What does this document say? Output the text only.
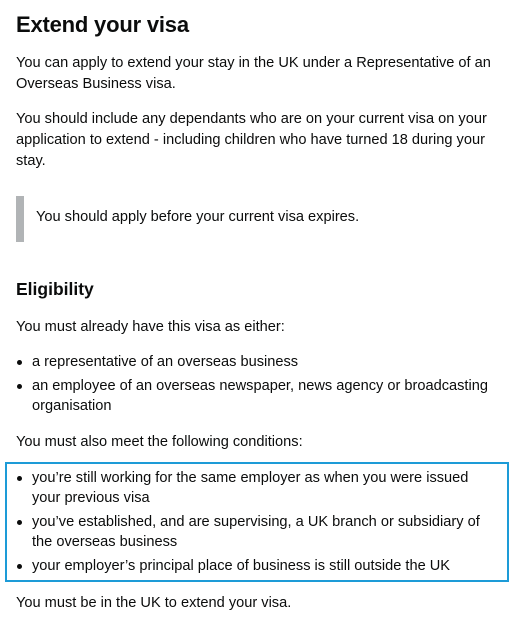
Extend your visa

You can apply to extend your stay in the UK under a Representative of an Overseas Business visa.

You should include any dependants who are on your current visa on your application to extend - including children who have turned 18 during your stay.

You should apply before your current visa expires.

Eligibility

You must already have this visa as either:

a representative of an overseas business
an employee of an overseas newspaper, news agency or broadcasting organisation

You must also meet the following conditions:

you’re still working for the same employer as when you were issued your previous visa
you’ve established, and are supervising, a UK branch or subsidiary of the overseas business
your employer’s principal place of business is still outside the UK

You must be in the UK to extend your visa.
